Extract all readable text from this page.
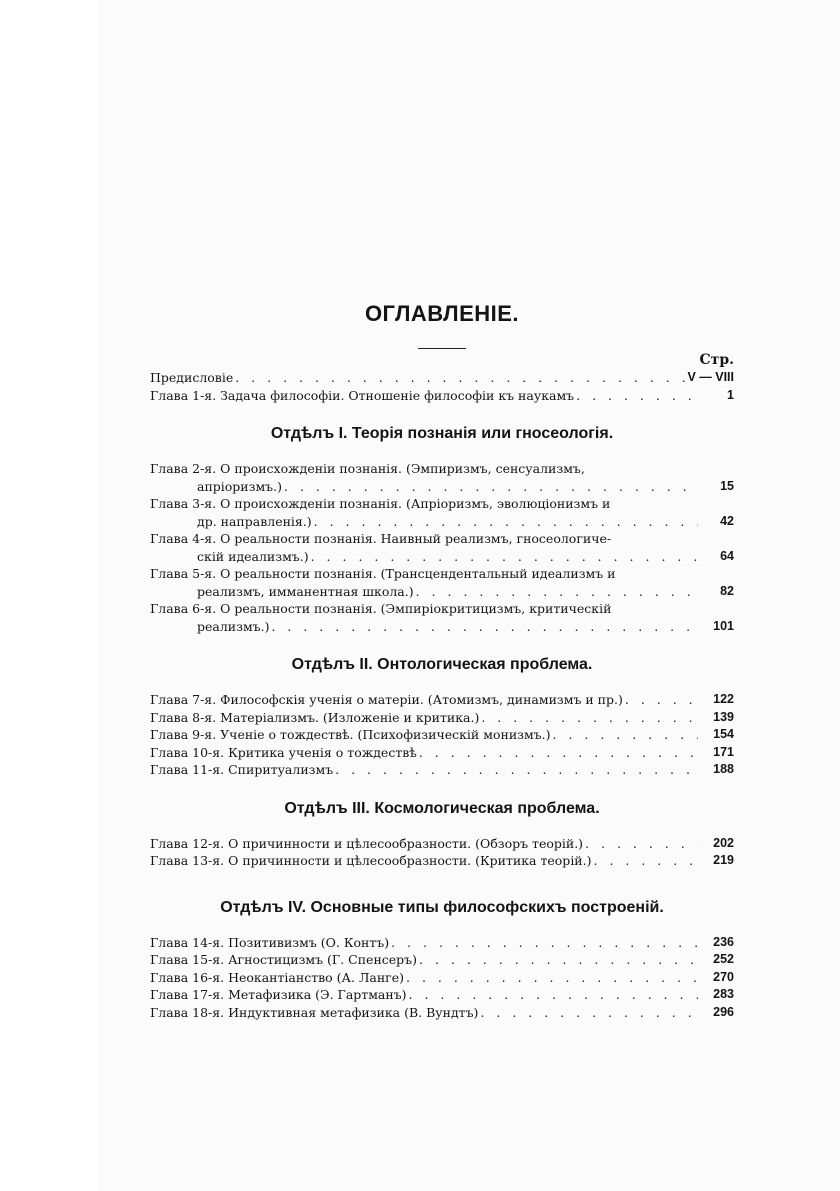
ОГЛАВЛЕНІЕ.
Стр.
Предисловіе . . .	V — VIII
Глава 1-я. Задача философіи. Отношеніе философіи къ наукамъ . . .	1
Отдѣлъ I. Теорія познанія или гносеологія.
Глава 2-я. О происхожденіи познанія. (Эмпиризмъ, сенсуализмъ,
апріоризмъ.) . . .	15
Глава 3-я. О происхожденіи познанія. (Апріоризмъ, эволюціонизмъ и
др. направленія.) . . .	42
Глава 4-я. О реальности познанія. Наивный реализмъ, гносеологиче-
скій идеализмъ.) . . .	64
Глава 5-я. О реальности познанія. (Трансцендентальный идеализмъ и
реализмъ, имманентная школа.) . . .	82
Глава 6-я. О реальности познанія. (Эмпиріокритицизмъ, критическій
реализмъ.) . . .	101
Отдѣлъ II. Онтологическая проблема.
Глава 7-я. Философскія ученія о матеріи. (Атомизмъ, динамизмъ и пр.) . . .	122
Глава 8-я. Матеріализмъ. (Изложеніе и критика.) . . .	139
Глава 9-я. Ученіе о тождествѣ. (Психофизическій монизмъ.) . . .	154
Глава 10-я. Критика ученія о тождествѣ . . .	171
Глава 11-я. Спиритуализмъ . . .	188
Отдѣлъ III. Космологическая проблема.
Глава 12-я. О причинности и цѣлесообразности. (Обзоръ теорій.) . . .	202
Глава 13-я. О причинности и цѣлесообразности. (Критика теорій.) . . .	219
Отдѣлъ IV. Основные типы философскихъ построеній.
Глава 14-я. Позитивизмъ (О. Контъ) . . .	236
Глава 15-я. Агностицизмъ (Г. Спенсеръ) . . .	252
Глава 16-я. Неокантіанство (А. Ланге) . . .	270
Глава 17-я. Метафизика (Э. Гартманъ) . . .	283
Глава 18-я. Индуктивная метафизика (В. Вундтъ) . . .	296
